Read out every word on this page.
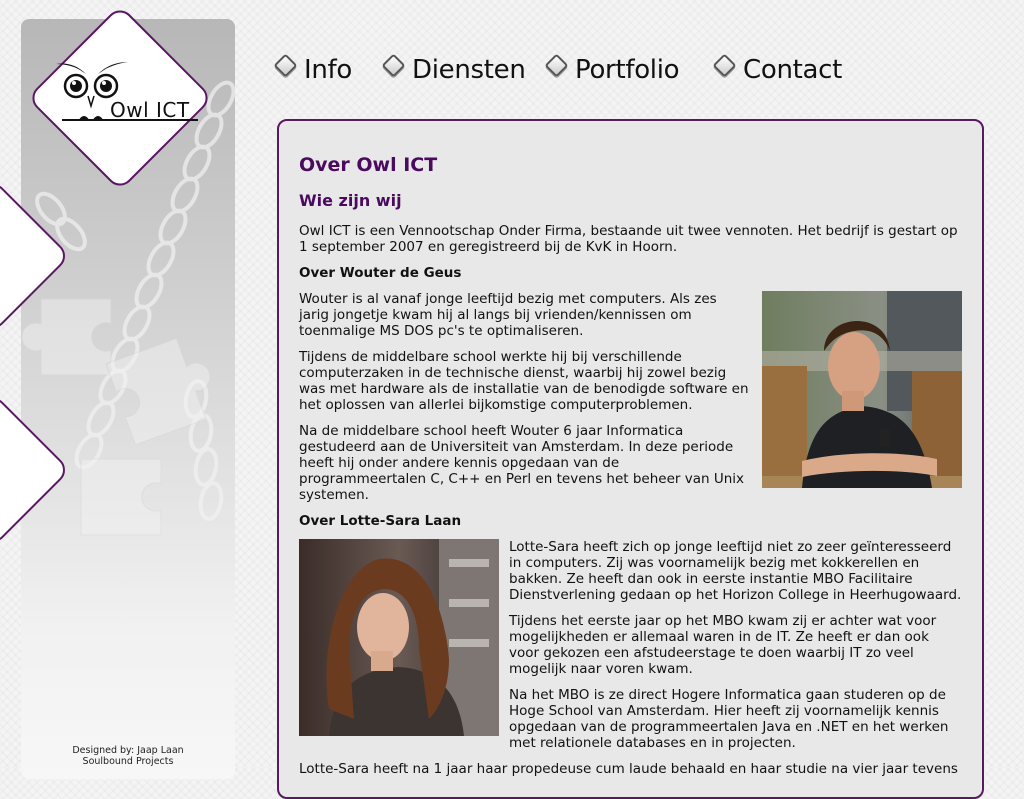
Designed by: Jaap Laan
Soulbound Projects
Owl ICT
Info Diensten Portfolio Contact
Over Owl ICT
Wie zijn wij

Owl ICT is een Vennootschap Onder Firma, bestaande uit twee vennoten. Het bedrijf is gestart op 1 september 2007 en geregistreerd bij de KvK in Hoorn.

Over Wouter de Geus

Wouter is al vanaf jonge leeftijd bezig met computers. Als zes jarig jongetje kwam hij al langs bij vrienden/kennissen om toenmalige MS DOS pc's te optimaliseren.

Tijdens de middelbare school werkte hij bij verschillende computerzaken in de technische dienst, waarbij hij zowel bezig was met hardware als de installatie van de benodigde software en het oplossen van allerlei bijkomstige computerproblemen.

Na de middelbare school heeft Wouter 6 jaar Informatica gestudeerd aan de Universiteit van Amsterdam. In deze periode heeft hij onder andere kennis opgedaan van de programmeertalen C, C++ en Perl en tevens het beheer van Unix systemen.

Over Lotte-Sara Laan

Lotte-Sara heeft zich op jonge leeftijd niet zo zeer geïnteresseerd in computers. Zij was voornamelijk bezig met kokkerellen en bakken. Ze heeft dan ook in eerste instantie MBO Facilitaire Dienstverlening gedaan op het Horizon College in Heerhugowaard.

Tijdens het eerste jaar op het MBO kwam zij er achter wat voor mogelijkheden er allemaal waren in de IT. Ze heeft er dan ook voor gekozen een afstudeerstage te doen waarbij IT zo veel mogelijk naar voren kwam.

Na het MBO is ze direct Hogere Informatica gaan studeren op de Hoge School van Amsterdam. Hier heeft zij voornamelijk kennis opgedaan van de programmeertalen Java en .NET en het werken met relationele databases en in projecten.

Lotte-Sara heeft na 1 jaar haar propedeuse cum laude behaald en haar studie na vier jaar tevens
